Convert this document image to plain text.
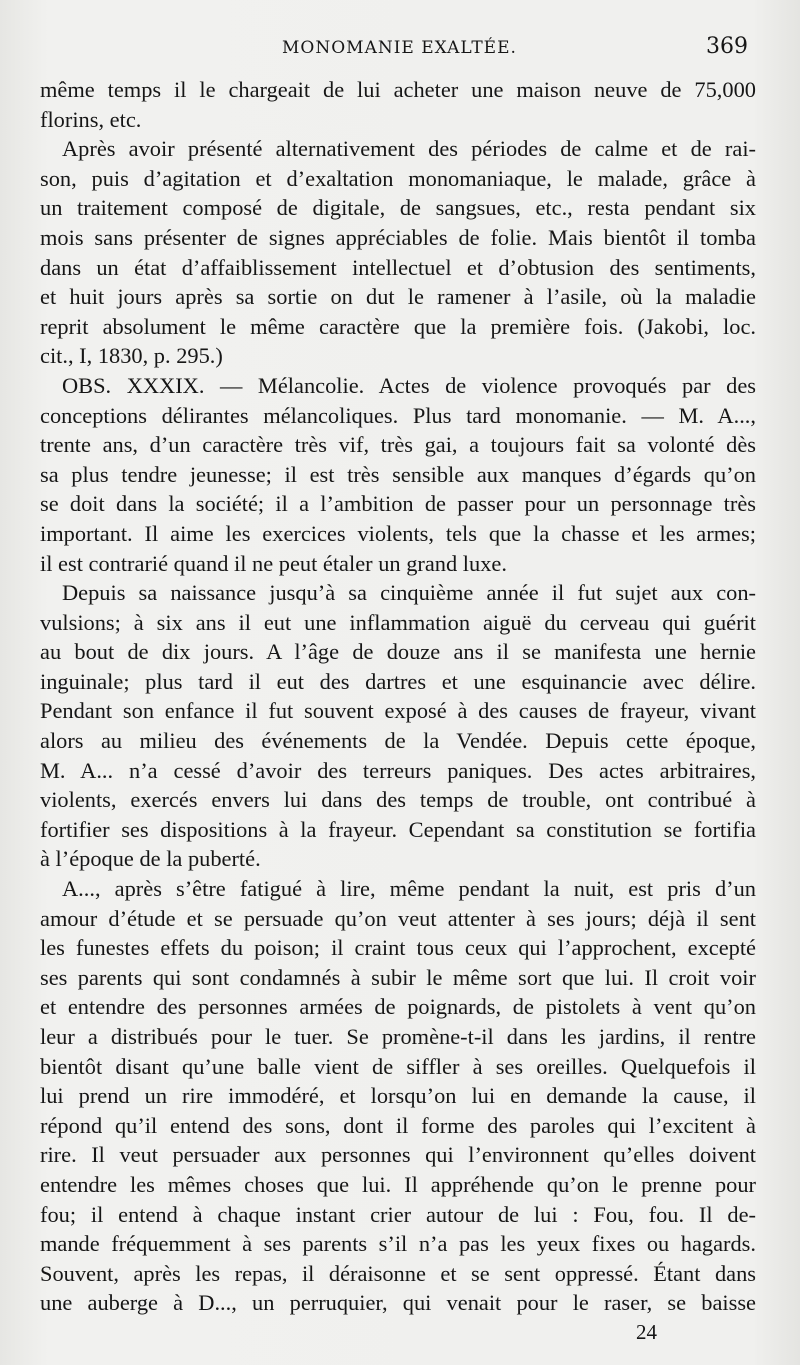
MONOMANIE EXALTÉE.	369
même temps il le chargeait de lui acheter une maison neuve de 75,000
florins, etc.
Après avoir présenté alternativement des périodes de calme et de rai-
son, puis d’agitation et d’exaltation monomaniaque, le malade, grâce à
un traitement composé de digitale, de sangsues, etc., resta pendant six
mois sans présenter de signes appréciables de folie. Mais bientôt il tomba
dans un état d’affaiblissement intellectuel et d’obtusion des sentiments,
et huit jours après sa sortie on dut le ramener à l’asile, où la maladie
reprit absolument le même caractère que la première fois. (Jakobi, loc.
cit., I, 1830, p. 295.)
OBS. XXXIX. — Mélancolie. Actes de violence provoqués par des
conceptions délirantes mélancoliques. Plus tard monomanie. — M. A...,
trente ans, d’un caractère très vif, très gai, a toujours fait sa volonté dès
sa plus tendre jeunesse; il est très sensible aux manques d’égards qu’on
se doit dans la société; il a l’ambition de passer pour un personnage très
important. Il aime les exercices violents, tels que la chasse et les armes;
il est contrarié quand il ne peut étaler un grand luxe.
Depuis sa naissance jusqu’à sa cinquième année il fut sujet aux con-
vulsions; à six ans il eut une inflammation aiguë du cerveau qui guérit
au bout de dix jours. A l’âge de douze ans il se manifesta une hernie
inguinale; plus tard il eut des dartres et une esquinancie avec délire.
Pendant son enfance il fut souvent exposé à des causes de frayeur, vivant
alors au milieu des événements de la Vendée. Depuis cette époque,
M. A... n’a cessé d’avoir des terreurs paniques. Des actes arbitraires,
violents, exercés envers lui dans des temps de trouble, ont contribué à
fortifier ses dispositions à la frayeur. Cependant sa constitution se fortifia
à l’époque de la puberté.
A..., après s’être fatigué à lire, même pendant la nuit, est pris d’un
amour d’étude et se persuade qu’on veut attenter à ses jours; déjà il sent
les funestes effets du poison; il craint tous ceux qui l’approchent, excepté
ses parents qui sont condamnés à subir le même sort que lui. Il croit voir
et entendre des personnes armées de poignards, de pistolets à vent qu’on
leur a distribués pour le tuer. Se promène-t-il dans les jardins, il rentre
bientôt disant qu’une balle vient de siffler à ses oreilles. Quelquefois il
lui prend un rire immodéré, et lorsqu’on lui en demande la cause, il
répond qu’il entend des sons, dont il forme des paroles qui l’excitent à
rire. Il veut persuader aux personnes qui l’environnent qu’elles doivent
entendre les mêmes choses que lui. Il appréhende qu’on le prenne pour
fou; il entend à chaque instant crier autour de lui : Fou, fou. Il de-
mande fréquemment à ses parents s’il n’a pas les yeux fixes ou hagards.
Souvent, après les repas, il déraisonne et se sent oppressé. Étant dans
une auberge à D..., un perruquier, qui venait pour le raser, se baisse
24
